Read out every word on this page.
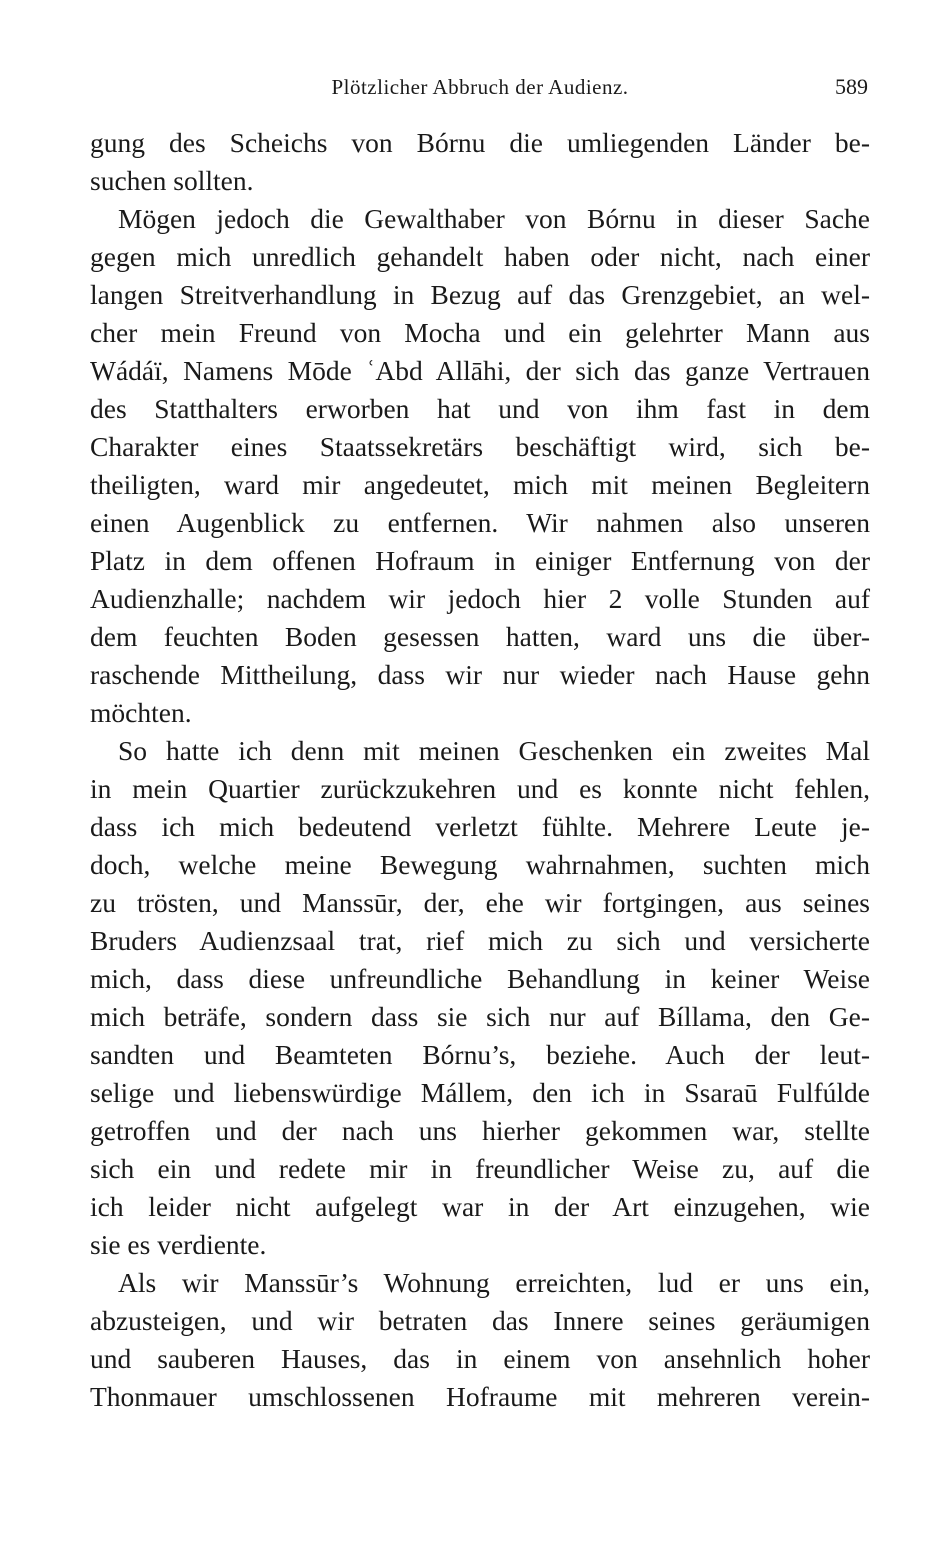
Plötzlicher Abbruch der Audienz.	589
gung des Scheichs von Bórnu die umliegenden Länder be-
suchen sollten.
Mögen jedoch die Gewalthaber von Bórnu in dieser Sache
gegen mich unredlich gehandelt haben oder nicht, nach einer
langen Streitverhandlung in Bezug auf das Grenzgebiet, an wel-
cher mein Freund von Mocha und ein gelehrter Mann aus
Wádáï, Namens Mōde ʿAbd Allāhi, der sich das ganze Vertrauen
des Statthalters erworben hat und von ihm fast in dem
Charakter eines Staatssekretärs beschäftigt wird, sich be-
theiligten, ward mir angedeutet, mich mit meinen Begleitern
einen Augenblick zu entfernen. Wir nahmen also unseren
Platz in dem offenen Hofraum in einiger Entfernung von der
Audienzhalle; nachdem wir jedoch hier 2 volle Stunden auf
dem feuchten Boden gesessen hatten, ward uns die über-
raschende Mittheilung, dass wir nur wieder nach Hause gehn
möchten.
So hatte ich denn mit meinen Geschenken ein zweites Mal
in mein Quartier zurückzukehren und es konnte nicht fehlen,
dass ich mich bedeutend verletzt fühlte. Mehrere Leute je-
doch, welche meine Bewegung wahrnahmen, suchten mich
zu trösten, und Manssūr, der, ehe wir fortgingen, aus seines
Bruders Audienzsaal trat, rief mich zu sich und versicherte
mich, dass diese unfreundliche Behandlung in keiner Weise
mich beträfe, sondern dass sie sich nur auf Bíllama, den Ge-
sandten und Beamteten Bórnu’s, beziehe. Auch der leut-
selige und liebenswürdige Mállem, den ich in Ssaraū Fulfúlde
getroffen und der nach uns hierher gekommen war, stellte
sich ein und redete mir in freundlicher Weise zu, auf die
ich leider nicht aufgelegt war in der Art einzugehen, wie
sie es verdiente.
Als wir Manssūr’s Wohnung erreichten, lud er uns ein,
abzusteigen, und wir betraten das Innere seines geräumigen
und sauberen Hauses, das in einem von ansehnlich hoher
Thonmauer umschlossenen Hofraume mit mehreren verein-
